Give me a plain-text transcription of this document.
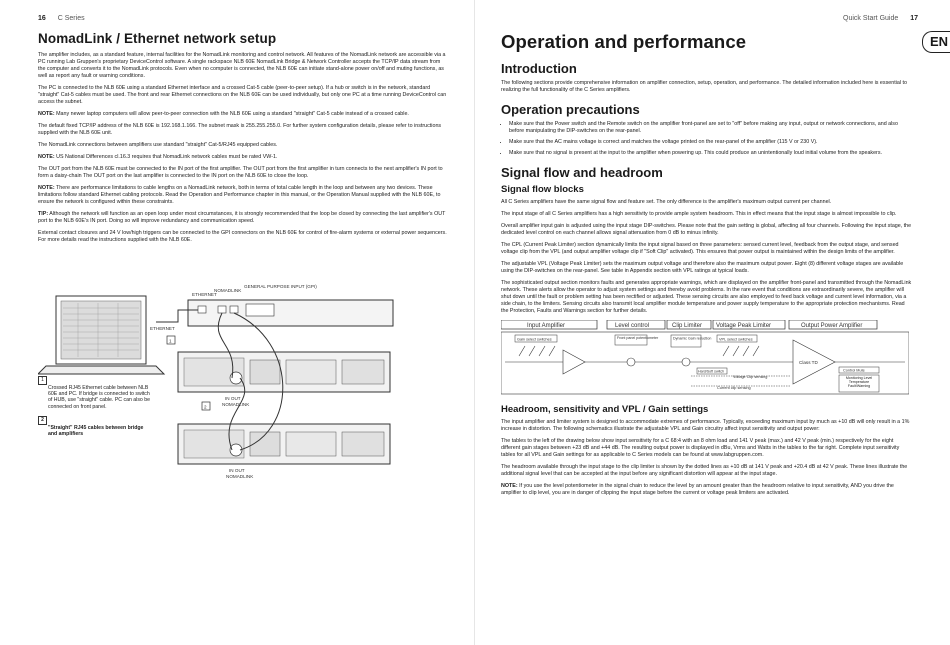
16 C Series
NomadLink / Ethernet network setup

The amplifier includes, as a standard feature, internal facilities for the NomadLink monitoring and control network. All features of the NomadLink network are accessible via a PC running Lab Gruppen's proprietary DeviceControl software. A single rackspace NLB 60E NomadLink Bridge & Network Controller accepts the TCP/IP data stream from the computer and converts it to the NomadLink protocols. Even when no computer is connected, the NLB 60E can initiate stand-alone power on/off and muting functions, as well as report any fault or warning conditions.

The PC is connected to the NLB 60E using a standard Ethernet interface and a crossed Cat-5 cable (peer-to-peer setup). If a hub or switch is in the network, standard "straight" Cat-5 cables must be used. The front and rear Ethernet connections on the NLB 60E can be used individually, but only one PC at a time running DeviceControl can access the subnet.

NOTE: Many newer laptop computers will allow peer-to-peer connection with the NLB 60E using a standard "straight" Cat-5 cable instead of a crossed cable.

The default fixed TCP/IP address of the NLB 60E is 192.168.1.166. The subnet mask is 255.255.255.0. For further system configuration details, please refer to instructions supplied with the NLB 60E unit.

The NomadLink connections between amplifiers use standard "straight" Cat-5/RJ45 equipped cables.

NOTE: US National Differences cl.16.3 requires that NomadLink network cables must be rated VW-1.

The OUT port from the NLB 60E must be connected to the IN port of the first amplifier. The OUT port from the first amplifier in turn connects to the next amplifier's IN port to form a daisy-chain The OUT port on the last amplifier is connected to the IN port on the NLB 60E to close the loop.

NOTE: There are performance limitations to cable lengths on a NomadLink network, both in terms of total cable length in the loop and between any two devices. These limitations follow standard Ethernet cabling protocols. Read the Operation and Performance chapter in this manual, or the Operation Manual supplied with the NLB 60E, to ensure the network is configured within these constraints.

TIP: Although the network will function as an open loop under most circumstances, it is strongly recommended that the loop be closed by connecting the last amplifier's OUT port to the NLB 60E's IN port. Doing so will improve redundancy and communication speed.

External contact closures and 24 V low/high triggers can be connected to the GPI connectors on the NLB 60E for control of fire-alarm systems or external power sequencers. For more details read the instructions supplied with the NLB 60E.

ETHERNET
NOMADLINK
GENERAL PURPOSE INPUT (GPI)
ETHERNET
1
IN OUT
NOMADLINK
IN OUT
NOMADLINK
2
1

Crossed RJ45 Ethernet cable between NLB 60E and PC. If bridge is connected to switch of HUB, use "straight" cable. PC can also be connected on front panel.
2

"Straight" RJ45 cables between bridge and amplifiers
Quick Start Guide 17
EN
Operation and performance
Introduction

The following sections provide comprehensive information on amplifier connection, setup, operation, and performance. The detailed information included here is essential to realizing the full functionality of the C Series amplifiers.

Operation precautions
• Make sure that the Power switch and the Remote switch on the amplifier front-panel are set to "off" before making any input, output or network connections, and also before manipulating the DIP-switches on the rear-panel.
• Make sure that the AC mains voltage is correct and matches the voltage printed on the rear-panel of the amplifier (115 V or 230 V).
• Make sure that no signal is present at the input to the amplifier when powering up. This could produce an unintentionally loud initial volume from the speakers.
Signal flow and headroom
Signal flow blocks

All C Series amplifiers have the same signal flow and feature set. The only difference is the amplifier's maximum output current per channel.

The input stage of all C Series amplifiers has a high sensitivity to provide ample system headroom. This in effect means that the input stage is almost impossible to clip.

Overall amplifier input gain is adjusted using the input stage DIP-switches. Please note that the gain setting is global, affecting all four channels. Following the input stage, the dedicated level control on each channel allows signal attenuation from 0 dB to minus infinity.

The CPL (Current Peak Limiter) section dynamically limits the input signal based on three parameters: sensed current level, feedback from the output stage, and sensed voltage clip from the VPL (and output amplifier voltage clip if "Soft Clip" activated). This ensures that power output is maintained within the design limits of the amplifier.

The adjustable VPL (Voltage Peak Limiter) sets the maximum output voltage and therefore also the maximum output power. Eight (8) different voltage stages are available using the DIP-switches on the rear-panel. See table in Appendix section with VPL ratings at typical loads.

The sophisticated output section monitors faults and generates appropriate warnings, which are displayed on the amplifier front-panel and transmitted through the NomadLink network. These alerts allow the operator to adjust system settings and thereby avoid problems. In the rare event that conditions are extraordinarily severe, the amplifier will shut down until the fault or problem setting has been rectified or adjusted. These sensing circuits are also employed to feed back voltage and current level information, via a side chain, to the limiters. Sensing circuits also transmit local amplifier module temperature and power supply temperature to the appropriate protection mechanisms. Read the Protection, Faults and Warnings section for further details.

Input Amplifier	Level control	Clip Limiter Voltage Peak Limiter	Output Power Amplifier
Gain select switches	Front panel potentiometer	Dynamic Gain reduction VPL select switches
Class TD
Hard/Soft switch
Voltage Clip sensing
Current clip sensing
Control Mute
Monitoring Level Temperature Fault/Warning
Headroom, sensitivity and VPL / Gain settings

The input amplifier and limiter system is designed to accommodate extremes of performance. Typically, exceeding maximum input by much as +10 dB will only result in a 1% increase in distortion. The following schematics illustrate the adjustable VPL and Gain circuitry affect input sensitivity and output power:

The tables to the left of the drawing below show input sensitivity for a C 68:4 with an 8 ohm load and 141 V peak (max.) and 42 V peak (min.) respectively for the eight different gain stages between +23 dB and +44 dB. The resulting output power is displayed in dBu, Vrms and Watts in the tables to the far right. Complete input sensitivity tables for all VPL and Gain settings for as applicable to C Series models can be found at www.labgruppen.com.

The headroom available through the input stage to the clip limiter is shown by the dotted lines as +10 dB at 141 V peak and +20.4 dB at 42 V peak. These lines illustrate the additional signal level that can be accepted at the input before any significant distortion will appear at the input stage.

NOTE: If you use the level potentiometer in the signal chain to reduce the level by an amount greater than the headroom relative to input sensitivity, AND you drive the amplifier to clip level, you are in danger of clipping the input stage before the current or voltage peak limiters are activated.
